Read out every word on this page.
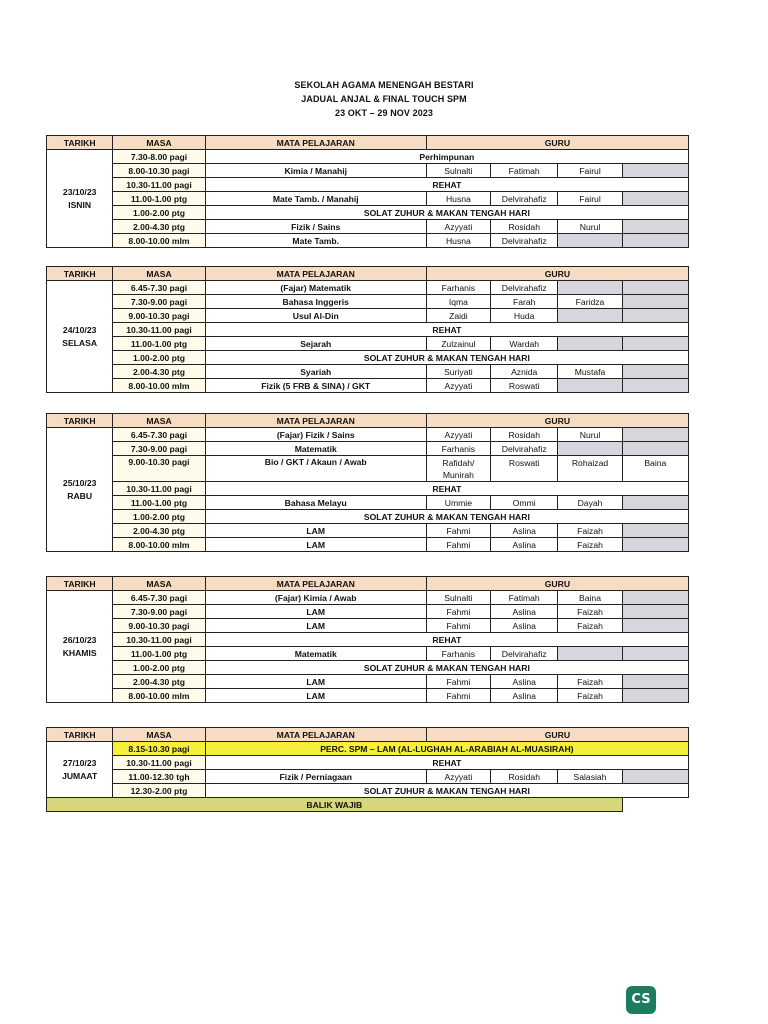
SEKOLAH AGAMA MENENGAH BESTARI
JADUAL ANJAL & FINAL TOUCH SPM
23 OKT – 29 NOV 2023
TARIKH	MASA	MATA PELAJARAN	GURU			

23/10/23
ISNIN	7.30-8.00 pagi	Perhimpunan				
	8.00-10.30 pagi	Kimia / Manahij	Sulnalti	Fatimah	Fairul	
	10.30-11.00 pagi	REHAT				
	11.00-1.00 ptg	Mate Tamb. / Manahij	Husna	Delvirahafiz	Fairul	
	1.00-2.00 ptg	SOLAT ZUHUR & MAKAN TENGAH HARI				
	2.00-4.30 ptg	Fizik / Sains	Azyyati	Rosidah	Nurul	
	8.00-10.00 mlm	Mate Tamb.	Husna	Delvirahafiz		
TARIKH	MASA	MATA PELAJARAN	GURU			

24/10/23
SELASA	6.45-7.30 pagi	(Fajar) Matematik	Farhanis	Delvirahafiz		
	7.30-9.00 pagi	Bahasa Inggeris	Iqma	Farah	Faridza	
	9.00-10.30 pagi	Usul Al-Din	Zaidi	Huda		
	10.30-11.00 pagi	REHAT				
	11.00-1.00 ptg	Sejarah	Zulzainul	Wardah		
	1.00-2.00 ptg	SOLAT ZUHUR & MAKAN TENGAH HARI				
	2.00-4.30 ptg	Syariah	Suriyati	Aznida	Mustafa	
	8.00-10.00 mlm	Fizik (5 FRB & SINA) / GKT	Azyyati	Roswati		
TARIKH	MASA	MATA PELAJARAN	GURU			

25/10/23
RABU	6.45-7.30 pagi	(Fajar) Fizik / Sains	Azyyati	Rosidah	Nurul	
	7.30-9.00 pagi	Matematik	Farhanis	Delvirahafiz		
	9.00-10.30 pagi	Bio / GKT / Akaun / Awab	Rafidah/ Munirah	Roswati	Rohaizad	Baina
	10.30-11.00 pagi	REHAT				
	11.00-1.00 ptg	Bahasa Melayu	Ummie	Ommi	Dayah	
	1.00-2.00 ptg	SOLAT ZUHUR & MAKAN TENGAH HARI				
	2.00-4.30 ptg	LAM	Fahmi	Aslina	Faizah	
	8.00-10.00 mlm	LAM	Fahmi	Aslina	Faizah	
TARIKH	MASA	MATA PELAJARAN	GURU			

26/10/23
KHAMIS	6.45-7.30 pagi	(Fajar) Kimia / Awab	Sulnalti	Fatimah	Baina	
	7.30-9.00 pagi	LAM	Fahmi	Aslina	Faizah	
	9.00-10.30 pagi	LAM	Fahmi	Aslina	Faizah	
	10.30-11.00 pagi	REHAT				
	11.00-1.00 ptg	Matematik	Farhanis	Delvirahafiz		
	1.00-2.00 ptg	SOLAT ZUHUR & MAKAN TENGAH HARI				
	2.00-4.30 ptg	LAM	Fahmi	Aslina	Faizah	
	8.00-10.00 mlm	LAM	Fahmi	Aslina	Faizah	
TARIKH	MASA	MATA PELAJARAN	GURU			

27/10/23
JUMAAT	8.15-10.30 pagi	PERC. SPM – LAM (AL-LUGHAH AL-ARABIAH AL-MUASIRAH)				
	10.30-11.00 pagi	REHAT				
	11.00-12.30 tgh	Fizik / Perniagaan	Azyyati	Rosidah	Salasiah	
	12.30-2.00 ptg	SOLAT ZUHUR & MAKAN TENGAH HARI				
BALIK WAJIB						
CS
